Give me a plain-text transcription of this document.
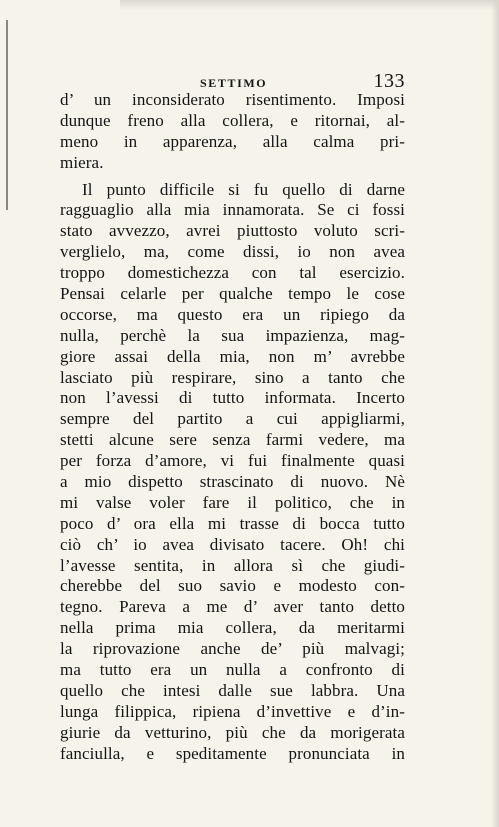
SETTIMO	133
d’ un inconsiderato risentimento. Imposi
dunque freno alla collera, e ritornai, al-
meno in apparenza, alla calma pri-
miera.
Il punto difficile si fu quello di darne
ragguaglio alla mia innamorata. Se ci fossi
stato avvezzo, avrei piuttosto voluto scri-
verglielo, ma, come dissi, io non avea
troppo domestichezza con tal esercizio.
Pensai celarle per qualche tempo le cose
occorse, ma questo era un ripiego da
nulla, perchè la sua impazienza, mag-
giore assai della mia, non m’ avrebbe
lasciato più respirare, sino a tanto che
non l’avessi di tutto informata. Incerto
sempre del partito a cui appigliarmi,
stetti alcune sere senza farmi vedere, ma
per forza d’amore, vi fui finalmente quasi
a mio dispetto strascinato di nuovo. Nè
mi valse voler fare il politico, che in
poco d’ ora ella mi trasse di bocca tutto
ciò ch’ io avea divisato tacere. Oh! chi
l’avesse sentita, in allora sì che giudi-
cherebbe del suo savio e modesto con-
tegno. Pareva a me d’ aver tanto detto
nella prima mia collera, da meritarmi
la riprovazione anche de’ più malvagi;
ma tutto era un nulla a confronto di
quello che intesi dalle sue labbra. Una
lunga filippica, ripiena d’invettive e d’in-
giurie da vetturino, più che da morigerata
fanciulla, e speditamente pronunciata in
